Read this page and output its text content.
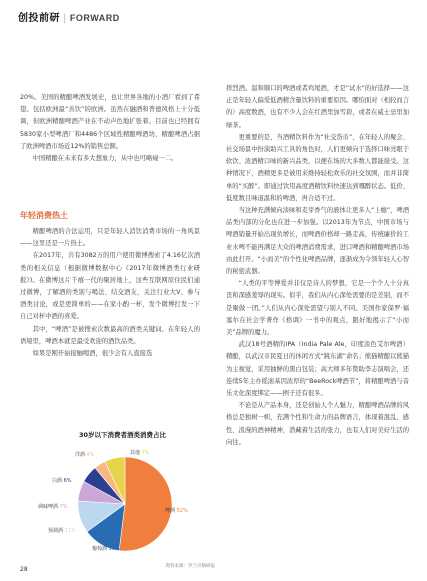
创投前研 | FORWARD

20%。美国的精酿啤酒发展史，也让世界各地的小酒厂看到了希望。包括欧洲最“善饮”的欧洲。虽然在融酒和普德风格上十分低调，但欧洲精酿啤酒产业在不动声色地扩张着。目前也已经拥有5830家小型啤酒厂和4486个区域性精酿啤酒坊，精酿啤酒占据了欧洲啤酒市场近12%的销售总额。

中国精酿在未来有多大想象力，从中也可略窥一二。

年轻消费热土

精酿啤酒的合法运用，只是年轻人消饮消费市场的一角风景——这里还是一片热土。

在2017年，共有3082万的用户使用微博搜索了4.16亿次酒类的相关信息（根据微博数据中心《2017年微博酒类行业研报》)。在微博这片千禧一代的聚居地上，这些互联网原住民们通过微博，了解酒的类别与喝法、结交酒友，关注行业大V、参与酒类讨论，或是更简单的——在家小酌一杯，发个微博打发一下自己对杯中酒的喜爱。

其中，“啤酒”是被搜索次数最高的酒类关键词。在年轻人的语境里，啤酒本就是最受欢迎的酒饮品类。

如果是刚开始接触喝酒，很少会有人直接选

30岁以下消费者酒类消费占比
啤酒 52%
葡萄酒 13%
预调酒 11%
调味啤酒 7%
白酒 6%
洋酒 4%	其他 7%
资料来源：罗兰贝格研报

择烈酒。温和顺口的啤酒或者鸡尾酒，才是“试水”的好选择——这正是年轻人偏爱低酒精含量饮料的重要原因。哪怕面对（相较而言的）高度数酒，也有不少人会在红酒里加雪碧，或者在威士忌里加绿茶。

更重要的是，当酒精饮料作为“社交货币”，在年轻人的聚会、社交场景中扮演助兴工具的角色时，人们更倾向于选择口味亮眼于软饮、浓酒精口味的新兴品类，以便在场的大多数人都能接受。这种情况下，酒精更多是被用来维持轻松欢乐的社交氛围，而并非简单的“买醉”。即通过饮用高度酒精饮料快速达到哪醉状态。低价、低度数且味道温和的啤酒，再合适不过。

当这种充满倾向淡味和麦芽香气的液体让更多人“上瘾”，啤酒品类内部的分化也在进一步加强。以2013年为节点，中国市场与啤酒销量开始出现负增长，而啤酒价格却一路走高，传统廉价的工业水啤不能再满足大众的啤酒消费需求，进口啤酒和精酿啤酒市场由此打开。“小而美”的个性化啤酒品牌，逐渐成为令领年轻人心智的秘密武器。

“人类的平等博爱并非仅是诗人的梦想，它是一个个人十分真丧和深感羞辱的现实。似乎，我们从内心深处需要的是差别，而不是聚做一团。”人们从内心深处需望与别人不同。美国作家保罗·福塞尔在社会学著作《格调》一书中的观点，跟好地揭示了“小而美”品牌的魔力。

武汉18号酒精的IPA（India Pale Ale，印度淡色艾尔啤酒）精酿，以武汉市民夏日的休闲方式“跳东湖”命名；熊猫精酿以熊猫为主视觉，采用抽鲜的黑白包装；高大师多年赞助李志演唱会，还连续5年主办摇滚基因浓厚的“BeeRock啤酒节”，将精酿啤酒与音乐文化深度绑定——例子还有很多。

不论是从产品本身，还是创始人个人魅力，精酿啤酒品牌的风格总是独树一帜，充满个性和生命力的品牌语言，体现着混乱、感性、浪漫的酒神精神，潜藏着生活的张力，也有人们对美好生活的向往。

28
